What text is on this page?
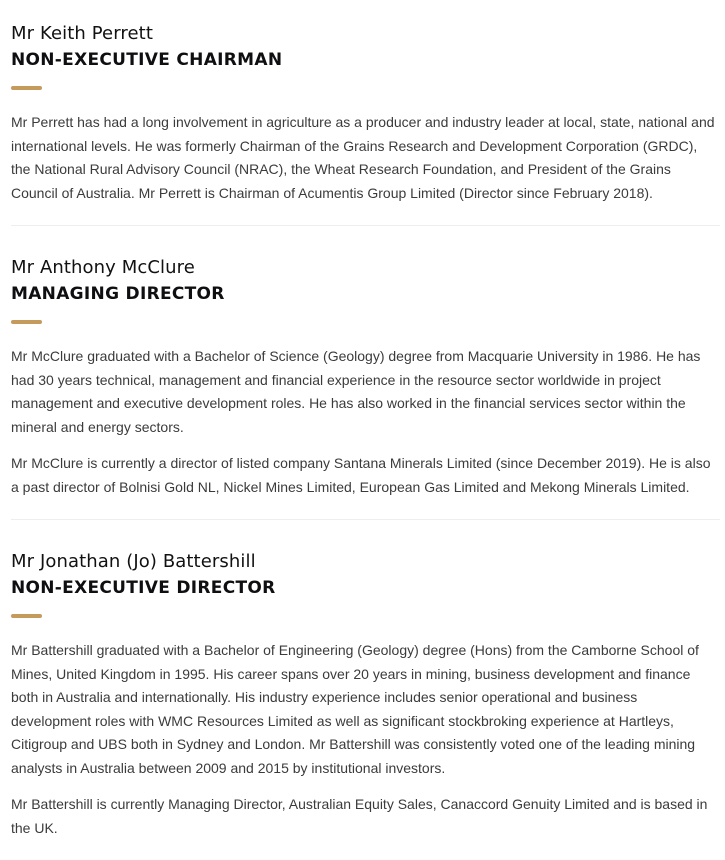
Mr Keith Perrett
NON-EXECUTIVE CHAIRMAN

Mr Perrett has had a long involvement in agriculture as a producer and industry leader at local, state, national and international levels. He was formerly Chairman of the Grains Research and Development Corporation (GRDC), the National Rural Advisory Council (NRAC), the Wheat Research Foundation, and President of the Grains Council of Australia. Mr Perrett is Chairman of Acumentis Group Limited (Director since February 2018).

Mr Anthony McClure
MANAGING DIRECTOR

Mr McClure graduated with a Bachelor of Science (Geology) degree from Macquarie University in 1986. He has had 30 years technical, management and financial experience in the resource sector worldwide in project management and executive development roles. He has also worked in the financial services sector within the mineral and energy sectors.

Mr McClure is currently a director of listed company Santana Minerals Limited (since December 2019). He is also a past director of Bolnisi Gold NL, Nickel Mines Limited, European Gas Limited and Mekong Minerals Limited.

Mr Jonathan (Jo) Battershill
NON-EXECUTIVE DIRECTOR

Mr Battershill graduated with a Bachelor of Engineering (Geology) degree (Hons) from the Camborne School of Mines, United Kingdom in 1995. His career spans over 20 years in mining, business development and finance both in Australia and internationally. His industry experience includes senior operational and business development roles with WMC Resources Limited as well as significant stockbroking experience at Hartleys, Citigroup and UBS both in Sydney and London. Mr Battershill was consistently voted one of the leading mining analysts in Australia between 2009 and 2015 by institutional investors.

Mr Battershill is currently Managing Director, Australian Equity Sales, Canaccord Genuity Limited and is based in the UK.
